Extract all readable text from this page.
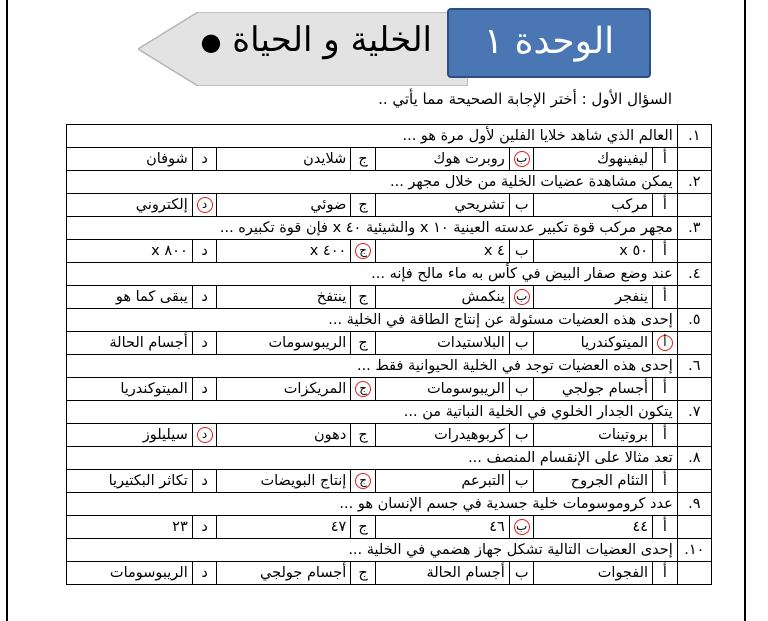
الخلية و الحياة ●	الوحدة ١
السؤال الأول : أختر الإجابة الصحيحة مما يأتي ..
١.	العالم الذي شاهد خلايا الفلين لأول مرة هو ...							
	أ	ليفينهوك	ب	روبرت هوك	ج	شلايدن	د	شوفان
٢.	يمكن مشاهدة عضيات الخلية من خلال مجهر ...							
	أ	مركب	ب	تشريحي	ج	ضوئي	د	إلكتروني
٣.	مجهر مركب قوة تكبير عدسته العينية ١٠ x والشيئية ٤٠ x فإن قوة تكبيره ...							
	أ	٥٠ x	ب	٤ x	ج	٤٠٠ x	د	٨٠٠ x
٤.	عند وضع صفار البيض في كأس به ماء مالح فإنه ...							
	أ	ينفجر	ب	ينكمش	ج	ينتفخ	د	يبقى كما هو
٥.	إحدى هذه العضيات مسئولة عن إنتاج الطاقة في الخلية ...							
	أ	الميتوكندريا	ب	البلاستيدات	ج	الريبوسومات	د	أجسام الحالة
٦.	إحدى هذه العضيات توجد في الخلية الحيوانية فقط ...							
	أ	أجسام جولجي	ب	الريبوسومات	ج	المريكزات	د	الميتوكندريا
٧.	يتكون الجدار الخلوي في الخلية النباتية من ...							
	أ	بروتينات	ب	كربوهيدرات	ج	دهون	د	سيليلوز
٨.	تعد مثالا على الإنقسام المنصف ...							
	أ	التئام الجروح	ب	التبرعم	ج	إنتاج البويضات	د	تكاثر البكتيريا
٩.	عدد كروموسومات خلية جسدية في جسم الإنسان هو ...							
	أ	٤٤	ب	٤٦	ج	٤٧	د	٢٣
١٠.	إحدى العضيات التالية تشكل جهاز هضمي في الخلية ...							
	أ	الفجوات	ب	أجسام الحالة	ج	أجسام جولجي	د	الريبوسومات
